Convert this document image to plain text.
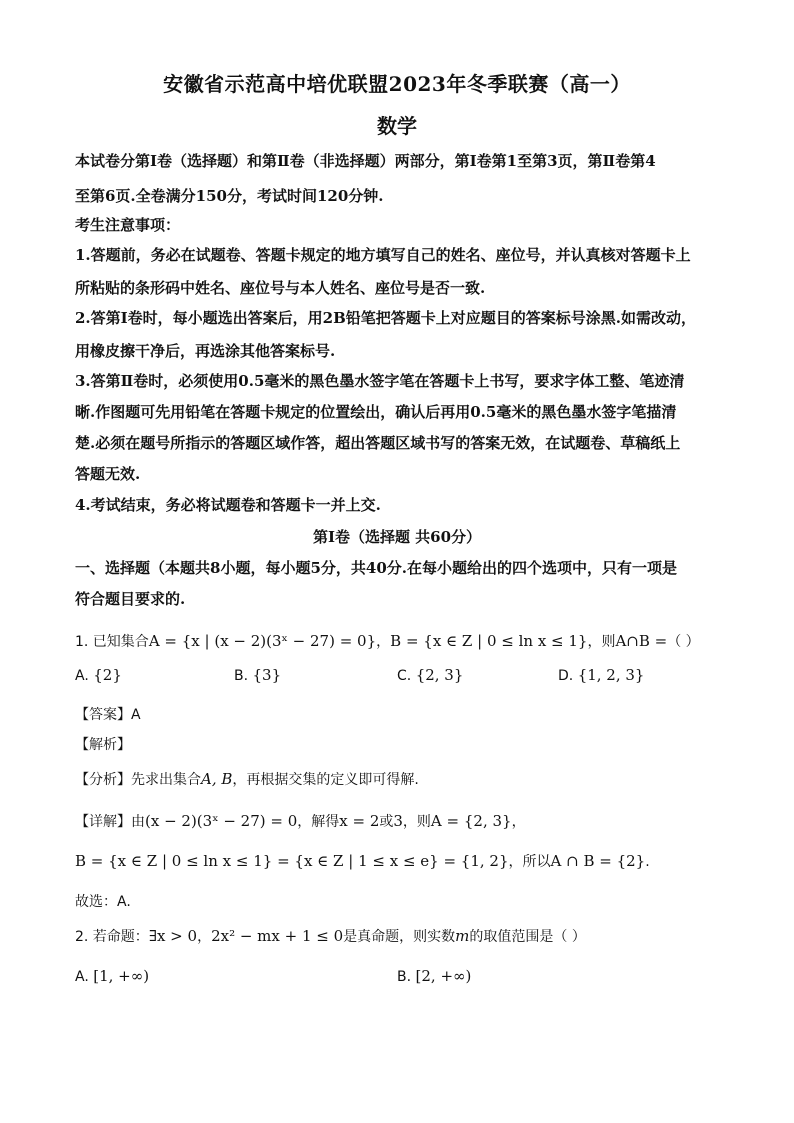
安徽省示范高中培优联盟2023年冬季联赛（高一）
数学
本试卷分第Ⅰ卷（选择题）和第Ⅱ卷（非选择题）两部分，第Ⅰ卷第1至第3页，第Ⅱ卷第4
至第6页.全卷满分150分，考试时间120分钟.
考生注意事项：
1.答题前，务必在试题卷、答题卡规定的地方填写自己的姓名、座位号，并认真核对答题卡上
所粘贴的条形码中姓名、座位号与本人姓名、座位号是否一致.
2.答第Ⅰ卷时，每小题选出答案后，用2B铅笔把答题卡上对应题目的答案标号涂黑.如需改动，
用橡皮擦干净后，再选涂其他答案标号.
3.答第Ⅱ卷时，必须使用0.5毫米的黑色墨水签字笔在答题卡上书写，要求字体工整、笔迹清
晰.作图题可先用铅笔在答题卡规定的位置绘出，确认后再用0.5毫米的黑色墨水签字笔描清
楚.必须在题号所指示的答题区域作答，超出答题区域书写的答案无效，在试题卷、草稿纸上
答题无效.
4.考试结束，务必将试题卷和答题卡一并上交.
第Ⅰ卷（选择题 共60分）
一、选择题（本题共8小题，每小题5分，共40分.在每小题给出的四个选项中，只有一项是
符合题目要求的.
1. 已知集合A = {x | (x − 2)(3ˣ − 27) = 0}，B = {x ∈ Z | 0 ≤ ln x ≤ 1}，则A∩B =（ ）
A. {2}	B. {3}	C. {2, 3}	D. {1, 2, 3}
【答案】A
【解析】
【分析】先求出集合A, B，再根据交集的定义即可得解.
【详解】由(x − 2)(3ˣ − 27) = 0，解得x = 2或3，则A = {2, 3}，
B = {x ∈ Z | 0 ≤ ln x ≤ 1} = {x ∈ Z | 1 ≤ x ≤ e} = {1, 2}，所以A ∩ B = {2}.
故选：A.
2. 若命题：∃x > 0，2x² − mx + 1 ≤ 0是真命题，则实数m的取值范围是（ ）
A. [1, +∞)	B. [2, +∞)
